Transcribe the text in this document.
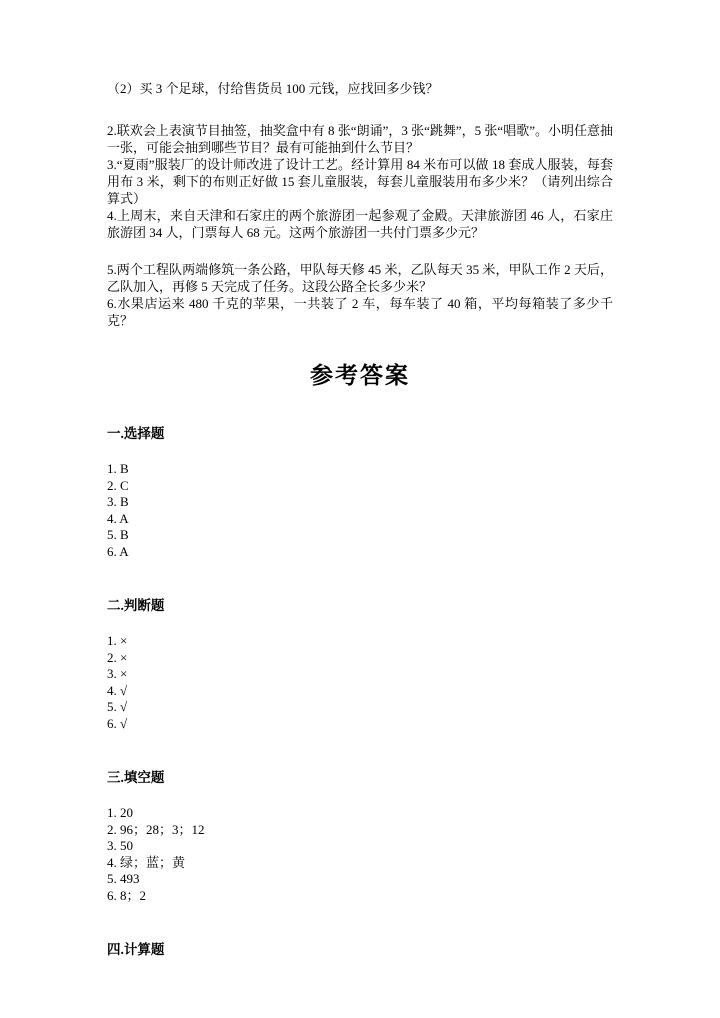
（2）买 3 个足球，付给售货员 100 元钱，应找回多少钱？

2.联欢会上表演节目抽签，抽奖盒中有 8 张“朗诵”，3 张“跳舞”，5 张“唱歌”。小明任意抽一张，可能会抽到哪些节目？最有可能抽到什么节目？

3.“夏雨”服装厂的设计师改进了设计工艺。经计算用 84 米布可以做 18 套成人服装，每套用布 3 米，剩下的布则正好做 15 套儿童服装，每套儿童服装用布多少米？（请列出综合算式）

4.上周末，来自天津和石家庄的两个旅游团一起参观了金殿。天津旅游团 46 人，石家庄旅游团 34 人，门票每人 68 元。这两个旅游团一共付门票多少元？

5.两个工程队两端修筑一条公路，甲队每天修 45 米，乙队每天 35 米，甲队工作 2 天后，乙队加入，再修 5 天完成了任务。这段公路全长多少米？

6.水果店运来 480 千克的苹果，一共装了 2 车，每车装了 40 箱，平均每箱装了多少千克？

参考答案
一.选择题

1. B

2. C

3. B

4. A

5. B

6. A

二.判断题

1. ×

2. ×

3. ×

4. √

5. √

6. √

三.填空题

1. 20

2. 96；28；3；12

3. 50

4. 绿；蓝；黄

5. 493

6. 8；2

四.计算题
